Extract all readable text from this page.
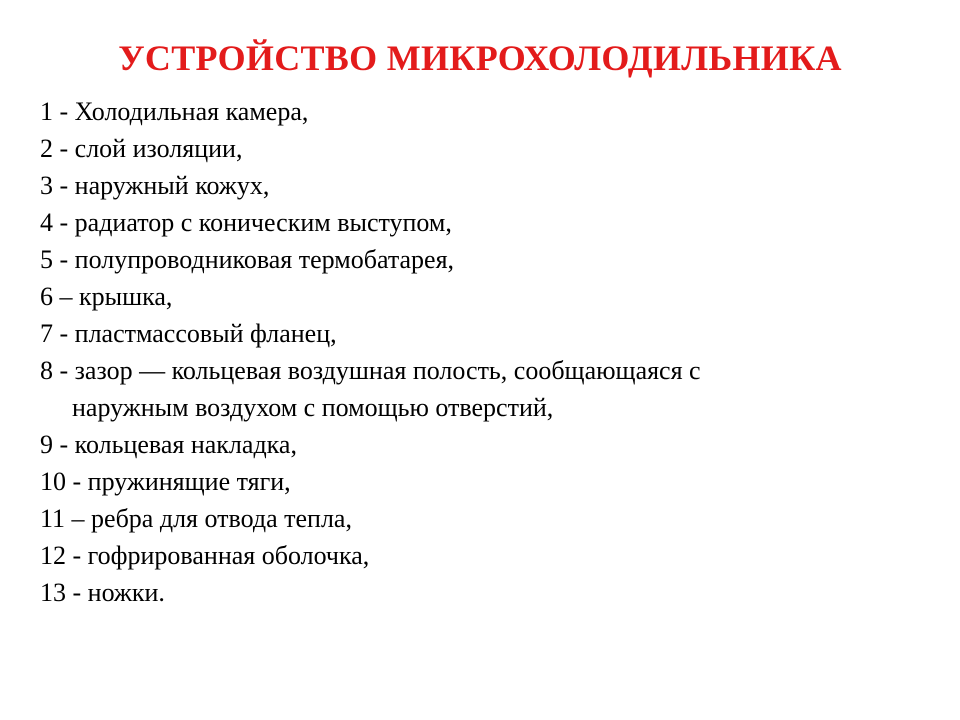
УСТРОЙСТВО МИКРОХОЛОДИЛЬНИКА
1 - Холодильная камера,
2 - слой изоляции,
3 - наружный кожух,
4 - радиатор с коническим выступом,
5 - полупроводниковая термобатарея,
6 – крышка,
7 - пластмассовый фланец,
8 - зазор — кольцевая воздушная полость, сообщающаяся с
наружным воздухом с помощью отверстий,
9 - кольцевая накладка,
10 - пружинящие тяги,
11 – ребра для отвода тепла,
12 - гофрированная оболочка,
13 - ножки.
